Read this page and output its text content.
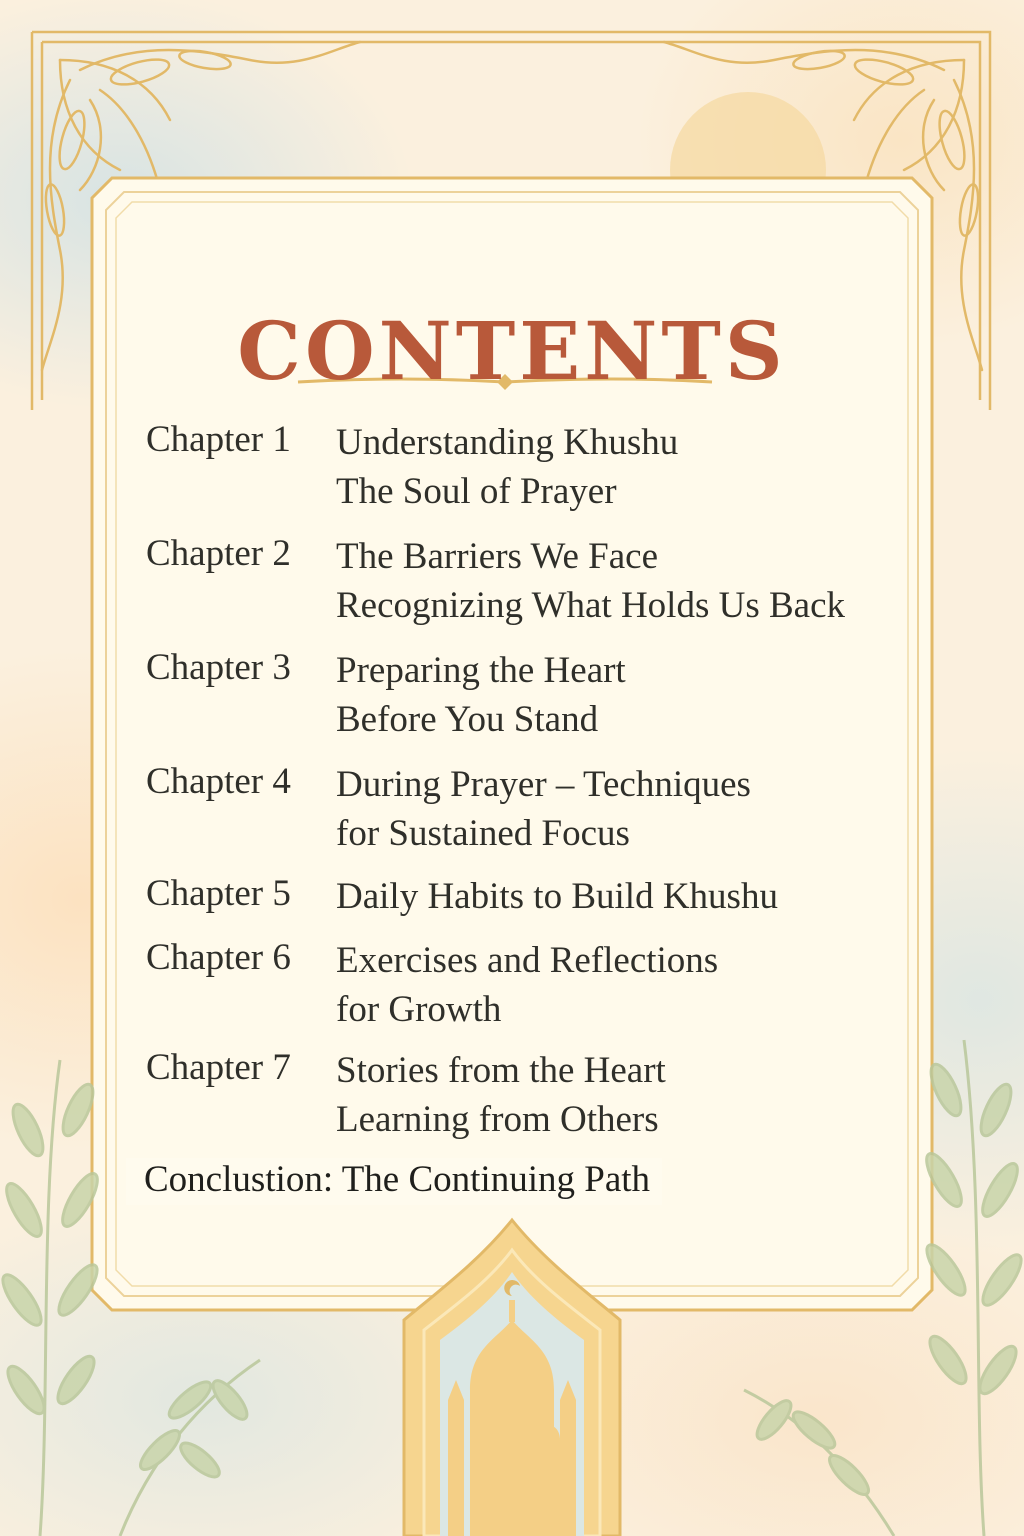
CONTENTS
Chapter 1 Understanding Khushu
The Soul of Prayer
Chapter 2 The Barriers We Face
Recognizing What Holds Us Back
Chapter 3 Preparing the Heart
Before You Stand
Chapter 4 During Prayer – Techniques
for Sustained Focus
Chapter 5 Daily Habits to Build Khushu
Chapter 6 Exercises and Reflections
for Growth
Chapter 7 Stories from the Heart
Learning from Others
Conclustion: The Continuing Path
